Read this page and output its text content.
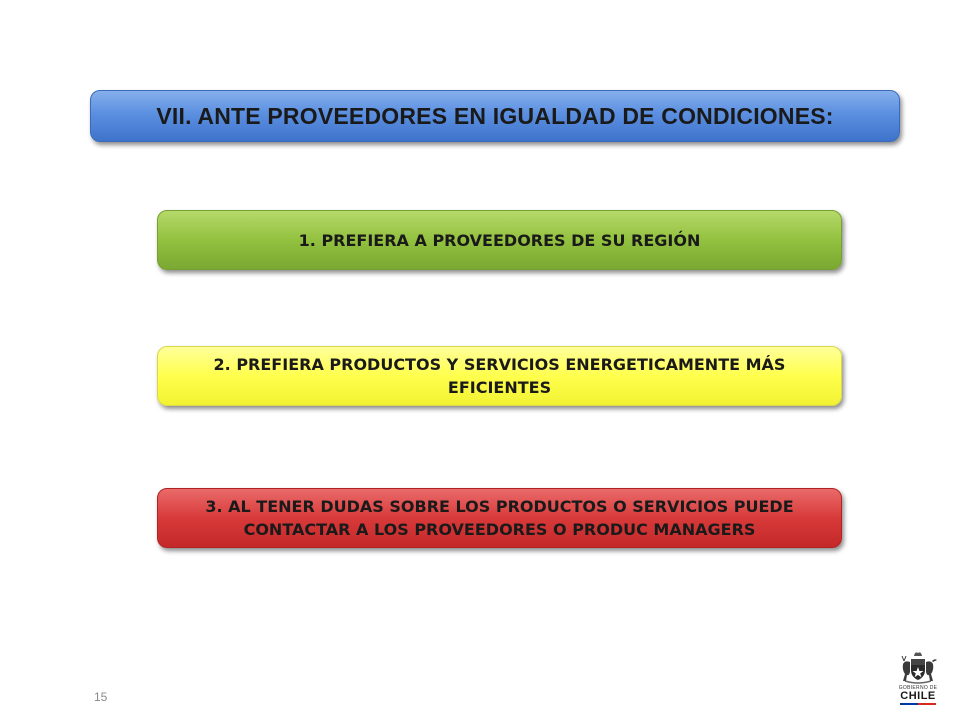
VII. ANTE PROVEEDORES EN IGUALDAD DE CONDICIONES:
1. PREFIERA A PROVEEDORES DE SU REGIÓN
2. PREFIERA PRODUCTOS Y SERVICIOS ENERGETICAMENTE MÁS EFICIENTES
3. AL TENER DUDAS SOBRE LOS PRODUCTOS O SERVICIOS PUEDE CONTACTAR A LOS PROVEEDORES O PRODUC MANAGERS
15
GOBIERNO DE
CHILE
